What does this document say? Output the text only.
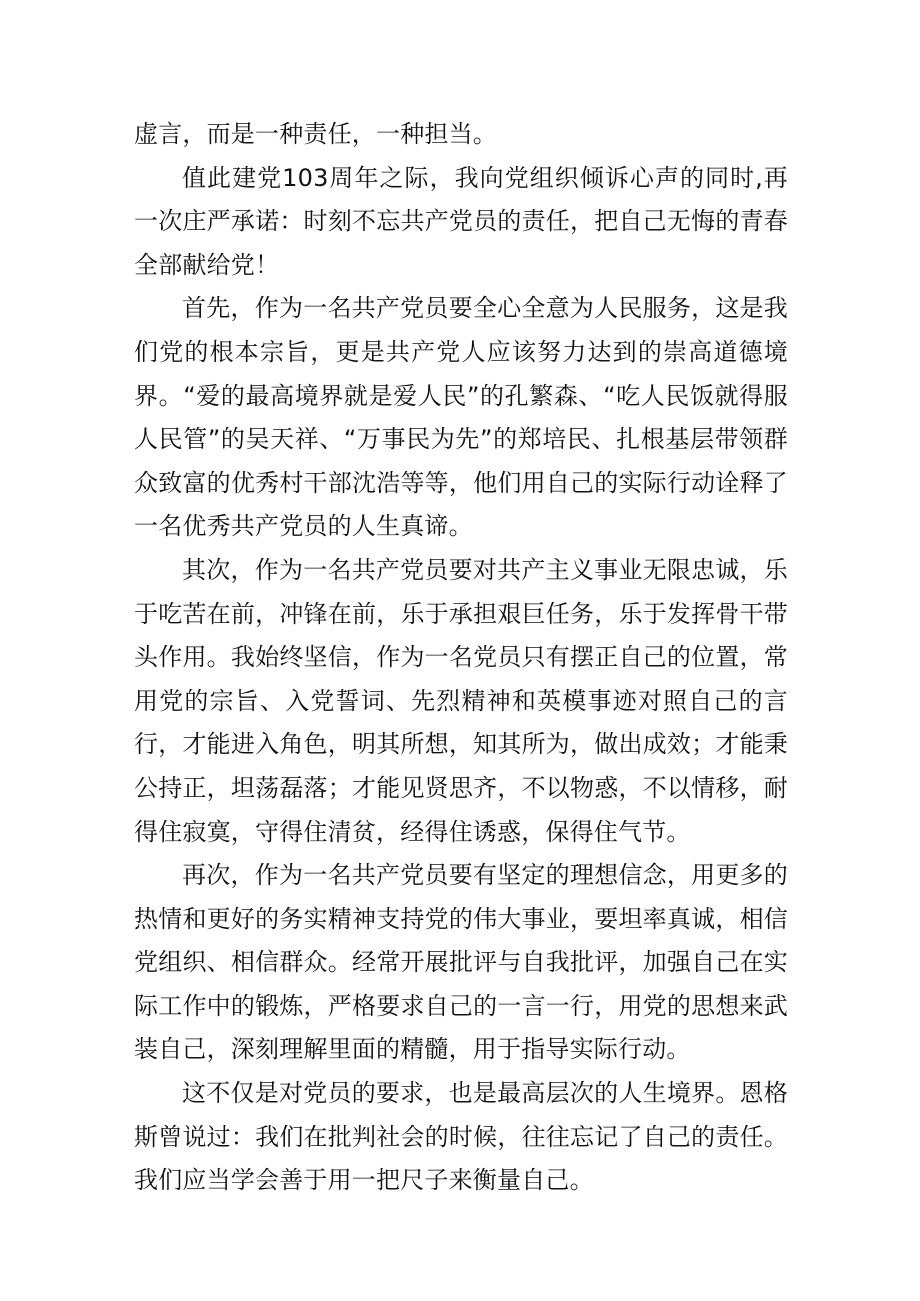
虚言，而是一种责任，一种担当。

值此建党103周年之际，我向党组织倾诉心声的同时,再一次庄严承诺：时刻不忘共产党员的责任，把自己无悔的青春全部献给党！

首先，作为一名共产党员要全心全意为人民服务，这是我们党的根本宗旨，更是共产党人应该努力达到的崇高道德境界。“爱的最高境界就是爱人民”的孔繁森、“吃人民饭就得服人民管”的吴天祥、“万事民为先”的郑培民、扎根基层带领群众致富的优秀村干部沈浩等等，他们用自己的实际行动诠释了一名优秀共产党员的人生真谛。

其次，作为一名共产党员要对共产主义事业无限忠诚，乐于吃苦在前，冲锋在前，乐于承担艰巨任务，乐于发挥骨干带头作用。我始终坚信，作为一名党员只有摆正自己的位置，常用党的宗旨、入党誓词、先烈精神和英模事迹对照自己的言行，才能进入角色，明其所想，知其所为，做出成效；才能秉公持正，坦荡磊落；才能见贤思齐，不以物惑，不以情移，耐得住寂寞，守得住清贫，经得住诱惑，保得住气节。

再次，作为一名共产党员要有坚定的理想信念，用更多的热情和更好的务实精神支持党的伟大事业，要坦率真诚，相信党组织、相信群众。经常开展批评与自我批评，加强自己在实际工作中的锻炼，严格要求自己的一言一行，用党的思想来武装自己，深刻理解里面的精髓，用于指导实际行动。

这不仅是对党员的要求，也是最高层次的人生境界。恩格斯曾说过：我们在批判社会的时候，往往忘记了自己的责任。我们应当学会善于用一把尺子来衡量自己。
